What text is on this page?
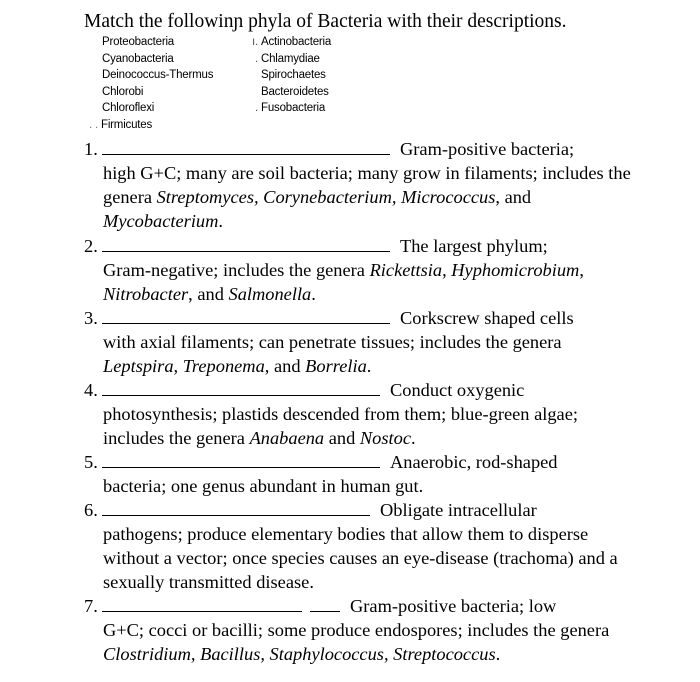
Match the followinɲ phyla of Bacteria with their descriptions.
Proteobacteria
Cyanobacteria
Deinococcus-Thermus
Chlorobi
Chloroflexi
ı. Actinobacteria
. Chlamydiae
Spirochaetes
Bacteroidetes
. Fusobacteria
. . Firmicutes
1.	Gram-positive bacteria;
high G+C; many are soil bacteria; many grow in filaments; includes the genera Streptomyces, Corynebacterium, Micrococcus, and Mycobacterium.
2.	The largest phylum;
Gram-negative; includes the genera Rickettsia, Hyphomicrobium, Nitrobacter, and Salmonella.
3.	Corkscrew shaped cells
with axial filaments; can penetrate tissues; includes the genera Leptspira, Treponema, and Borrelia.
4.	Conduct oxygenic
photosynthesis; plastids descended from them; blue-green algae; includes the genera Anabaena and Nostoc.
5.	Anaerobic, rod-shaped
bacteria; one genus abundant in human gut.
6.	Obligate intracellular
pathogens; produce elementary bodies that allow them to disperse without a vector; once species causes an eye-disease (trachoma) and a sexually transmitted disease.
7.	Gram-positive bacteria; low
G+C; cocci or bacilli; some produce endospores; includes the genera Clostridium, Bacillus, Staphylococcus, Streptococcus.
